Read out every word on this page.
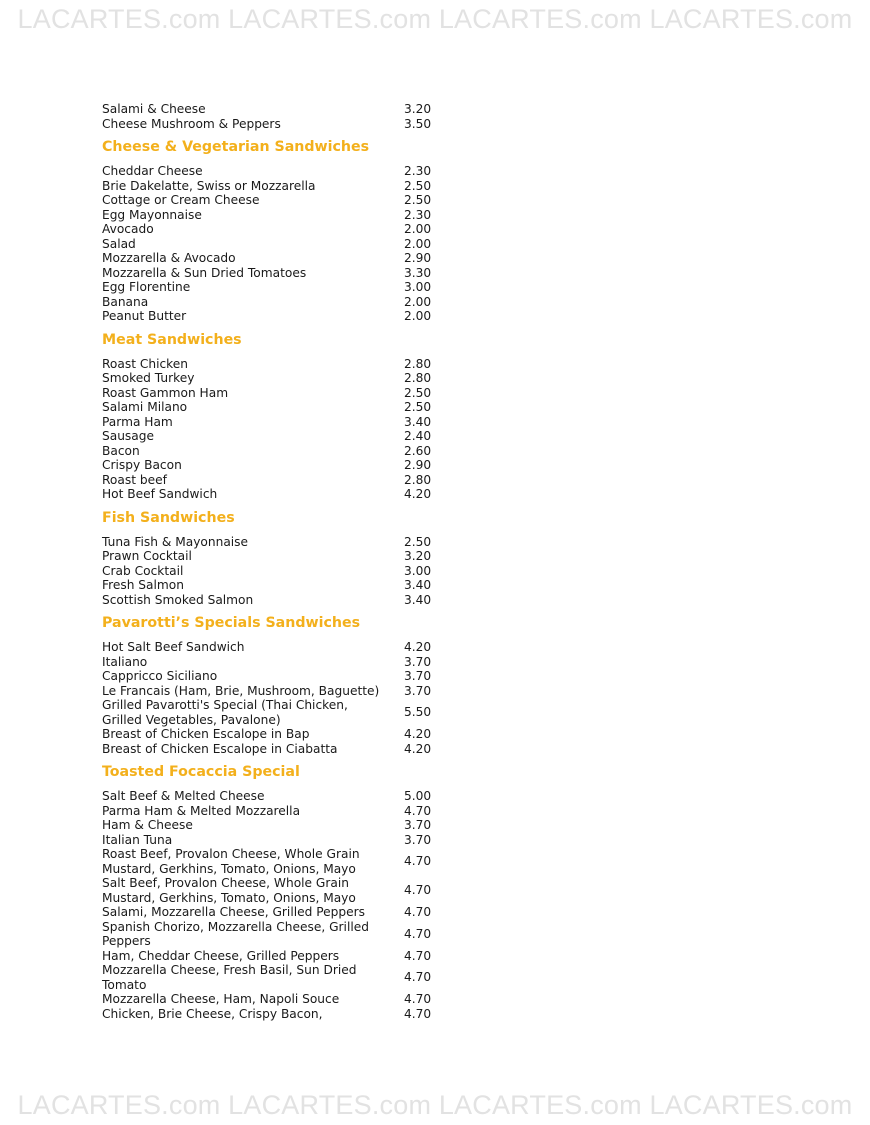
LACARTES.com LACARTES.com LACARTES.com LACARTES.com
Salami & Cheese	3.20
Cheese Mushroom & Peppers	3.50
Cheese & Vegetarian Sandwiches
Cheddar Cheese	2.30
Brie Dakelatte, Swiss or Mozzarella	2.50
Cottage or Cream Cheese	2.50
Egg Mayonnaise	2.30
Avocado	2.00
Salad	2.00
Mozzarella & Avocado	2.90
Mozzarella & Sun Dried Tomatoes	3.30
Egg Florentine	3.00
Banana	2.00
Peanut Butter	2.00
Meat Sandwiches
Roast Chicken	2.80
Smoked Turkey	2.80
Roast Gammon Ham	2.50
Salami Milano	2.50
Parma Ham	3.40
Sausage	2.40
Bacon	2.60
Crispy Bacon	2.90
Roast beef	2.80
Hot Beef Sandwich	4.20
Fish Sandwiches
Tuna Fish & Mayonnaise	2.50
Prawn Cocktail	3.20
Crab Cocktail	3.00
Fresh Salmon	3.40
Scottish Smoked Salmon	3.40
Pavarotti’s Specials Sandwiches
Hot Salt Beef Sandwich	4.20
Italiano	3.70
Cappricco Siciliano	3.70
Le Francais (Ham, Brie, Mushroom, Baguette)	3.70
Grilled Pavarotti's Special (Thai Chicken,
Grilled Vegetables, Pavalone)
5.50
Breast of Chicken Escalope in Bap	4.20
Breast of Chicken Escalope in Ciabatta	4.20
Toasted Focaccia Special
Salt Beef & Melted Cheese	5.00
Parma Ham & Melted Mozzarella	4.70
Ham & Cheese	3.70
Italian Tuna	3.70
Roast Beef, Provalon Cheese, Whole Grain
Mustard, Gerkhins, Tomato, Onions, Mayo
4.70
Salt Beef, Provalon Cheese, Whole Grain
Mustard, Gerkhins, Tomato, Onions, Mayo
4.70
Salami, Mozzarella Cheese, Grilled Peppers	4.70
Spanish Chorizo, Mozzarella Cheese, Grilled
Peppers
4.70
Ham, Cheddar Cheese, Grilled Peppers	4.70
Mozzarella Cheese, Fresh Basil, Sun Dried
Tomato
4.70
Mozzarella Cheese, Ham, Napoli Souce	4.70
Chicken, Brie Cheese, Crispy Bacon,	4.70
LACARTES.com LACARTES.com LACARTES.com LACARTES.com
